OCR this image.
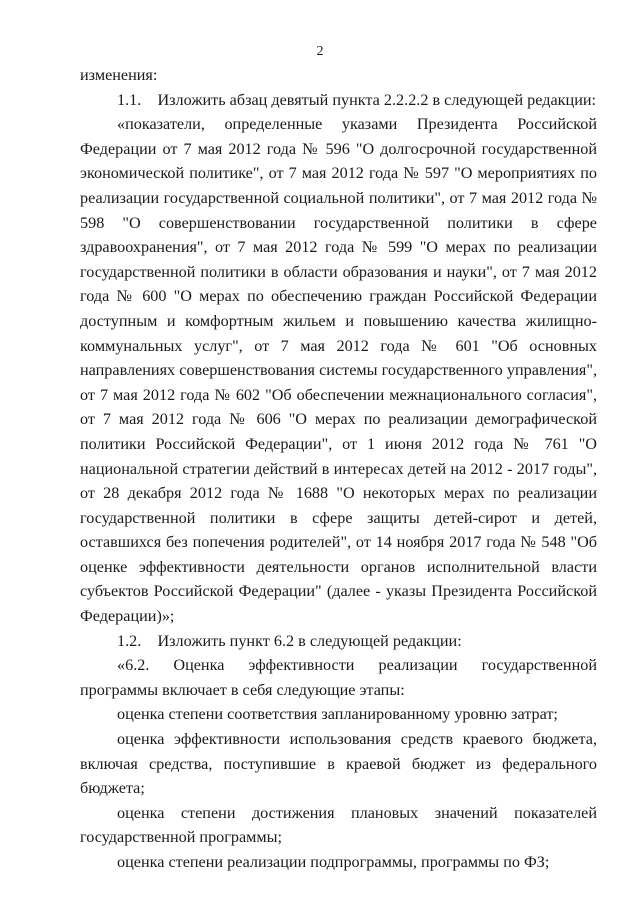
2

изменения:

1.1.  Изложить абзац девятый пункта 2.2.2.2 в следующей редакции:

«показатели, определенные указами Президента Российской Федерации от 7 мая 2012 года № 596 "О долгосрочной государственной экономической политике", от 7 мая 2012 года № 597 "О мероприятиях по реализации государственной социальной политики", от 7 мая 2012 года № 598 "О совершенствовании государственной политики в сфере здравоохранения", от 7 мая 2012 года № 599 "О мерах по реализации государственной политики в области образования и науки", от 7 мая 2012 года № 600 "О мерах по обеспечению граждан Российской Федерации доступным и комфортным жильем и повышению качества жилищно-коммунальных услуг", от 7 мая 2012 года № 601 "Об основных направлениях совершенствования системы государственного управления", от 7 мая 2012 года № 602 "Об обеспечении межнационального согласия", от 7 мая 2012 года № 606 "О мерах по реализации демографической политики Российской Федерации", от 1 июня 2012 года № 761 "О национальной стратегии действий в интересах детей на 2012 - 2017 годы", от 28 декабря 2012 года № 1688 "О некоторых мерах по реализации государственной политики в сфере защиты детей-сирот и детей, оставшихся без попечения родителей", от 14 ноября 2017 года № 548 "Об оценке эффективности деятельности органов исполнительной власти субъектов Российской Федерации" (далее - указы Президента Российской Федерации)»;

1.2.  Изложить пункт 6.2 в следующей редакции:

«6.2. Оценка эффективности реализации государственной программы включает в себя следующие этапы:

оценка степени соответствия запланированному уровню затрат;

оценка эффективности использования средств краевого бюджета, включая средства, поступившие в краевой бюджет из федерального бюджета;

оценка степени достижения плановых значений показателей государственной программы;

оценка степени реализации подпрограммы, программы по ФЗ;
